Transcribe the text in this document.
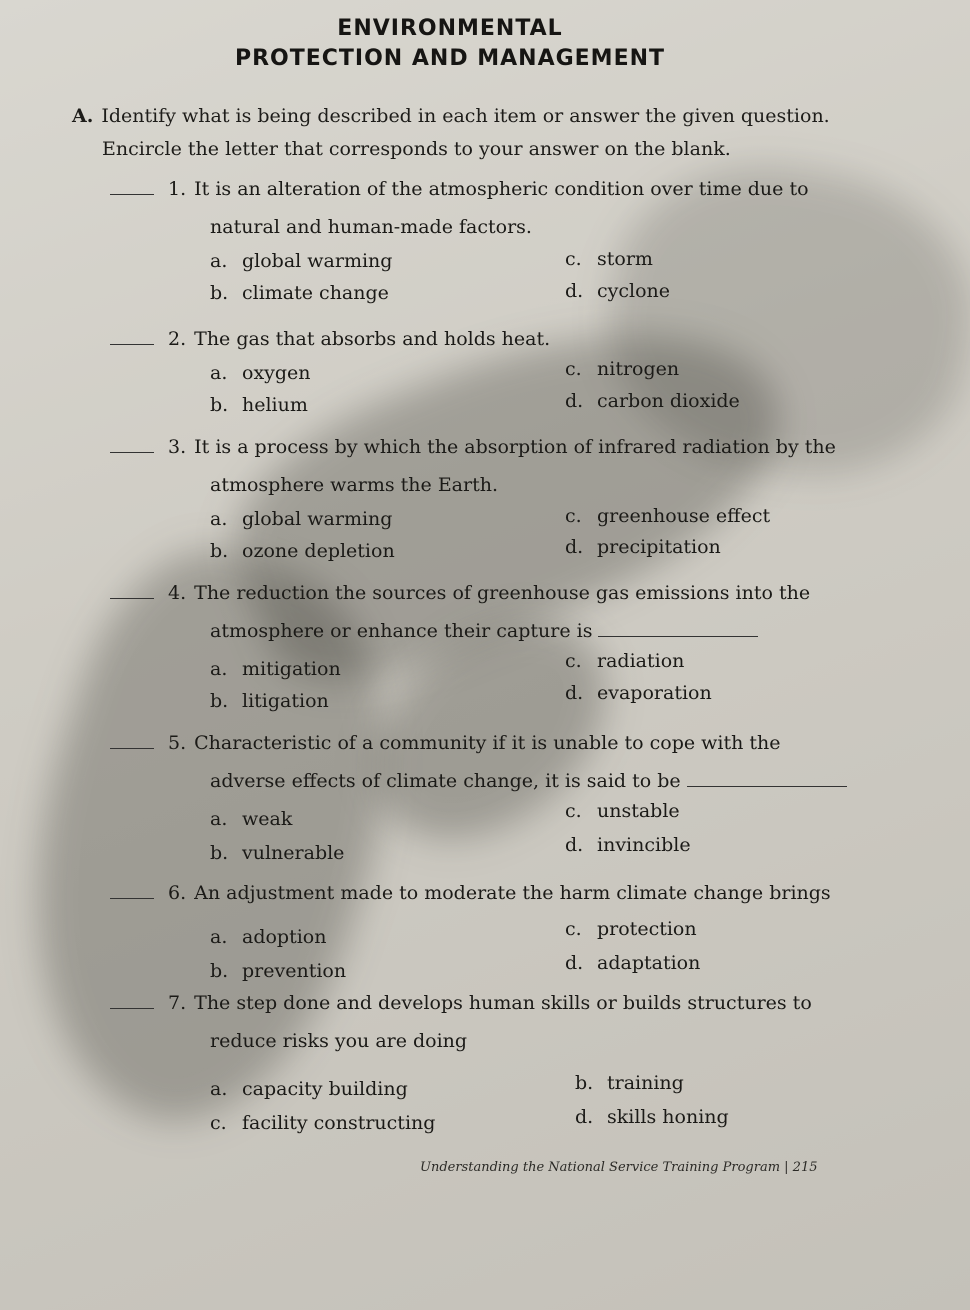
ENVIRONMENTAL
PROTECTION AND MANAGEMENT
A. Identify what is being described in each item or answer the given question.
Encircle the letter that corresponds to your answer on the blank.
1. It is an alteration of the atmospheric condition over time due to
natural and human-made factors.
a. global warming
b. climate change
c. storm
d. cyclone
2. The gas that absorbs and holds heat.
a. oxygen
b. helium
c. nitrogen
d. carbon dioxide
3. It is a process by which the absorption of infrared radiation by the
atmosphere warms the Earth.
a. global warming
b. ozone depletion
c. greenhouse effect
d. precipitation
4. The reduction the sources of greenhouse gas emissions into the
atmosphere or enhance their capture is
a. mitigation
b. litigation
c. radiation
d. evaporation
5. Characteristic of a community if it is unable to cope with the
adverse effects of climate change, it is said to be
a. weak
b. vulnerable
c. unstable
d. invincible
6. An adjustment made to moderate the harm climate change brings
a. adoption
b. prevention
c. protection
d. adaptation
7. The step done and develops human skills or builds structures to
reduce risks you are doing
a. capacity building
c. facility constructing
b. training
d. skills honing
Understanding the National Service Training Program | 215
